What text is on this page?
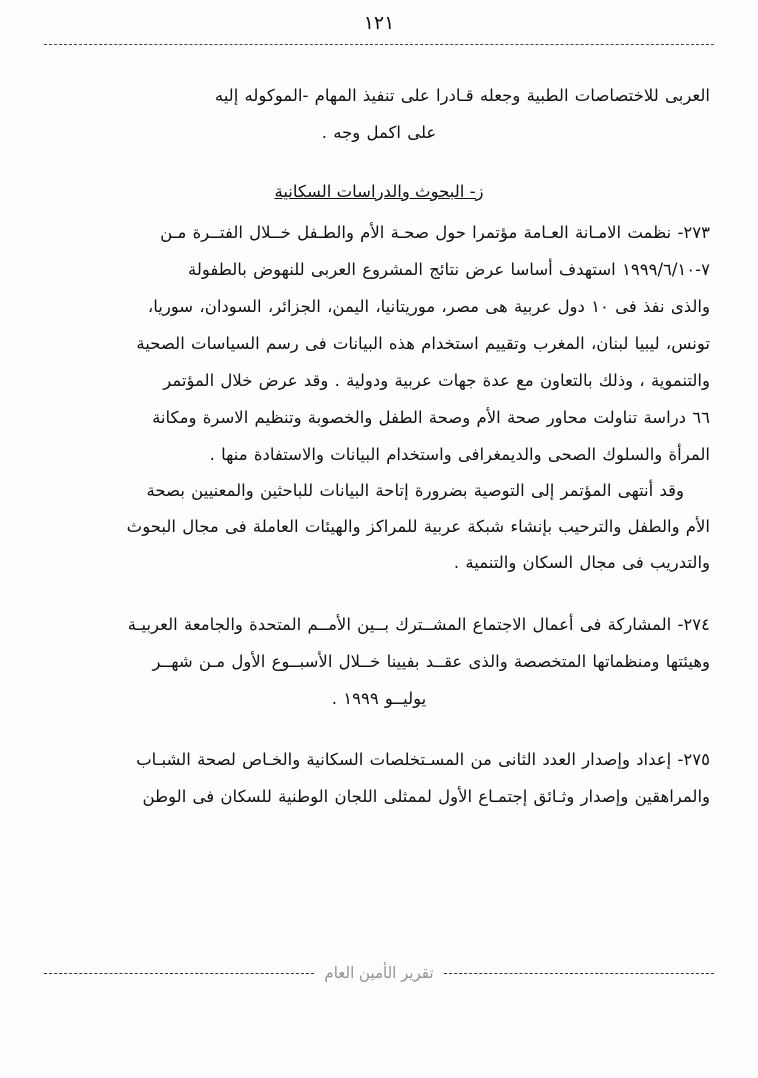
١٢١

العربى للاختصاصات الطبية وجعله قـادرا على تنفيذ المهام -الموكوله إليه

على اكمل وجه .

ز- البحوث والدراسات السكانية

٢٧٣- نظمت الامـانة العـامة مؤتمرا حول صحـة الأم والطـفل خــلال الفتــرة مـن

٧-١٩٩٩/٦/١٠ استهدف أساسا عرض نتائج المشروع العربى للنهوض بالطفولة

والذى نفذ فى ١٠ دول عربية هى مصر، موريتانيا، اليمن، الجزائر، السودان، سوريا،

تونس، ليبيا لبنان، المغرب وتقييم استخدام هذه البيانات فى رسم السياسات الصحية

والتنموية ، وذلك بالتعاون مع عدة جهات عربية ودولية . وقد عرض خلال المؤتمر

٦٦ دراسة تناولت محاور صحة الأم وصحة الطفل والخصوبة وتنظيم الاسرة ومكانة

المرأة والسلوك الصحى والديمغرافى واستخدام البيانات والاستفادة منها .

وقد أنتهى المؤتمر إلى التوصية بضرورة إتاحة البيانات للباحثين والمعنيين بصحة

الأم والطفل والترحيب بإنشاء شبكة عربية للمراكز والهيئات العاملة فى مجال البحوث

والتدريب فى مجال السكان والتنمية .

٢٧٤- المشاركة فى أعمال الاجتماع المشــترك بــين الأمــم المتحدة والجامعة العربيـة

وهيئتها ومنظماتها المتخصصة والذى عقــد بفيينا خــلال الأسبــوع الأول مـن شهــر

يوليــو ١٩٩٩ .

٢٧٥- إعداد وإصدار العدد الثانى من المسـتخلصات السكانية والخـاص لصحة الشبـاب

والمراهقين وإصدار وثـائق إجتمـاع الأول لممثلى اللجان الوطنية للسكان فى الوطن

تقرير الأمين العام
